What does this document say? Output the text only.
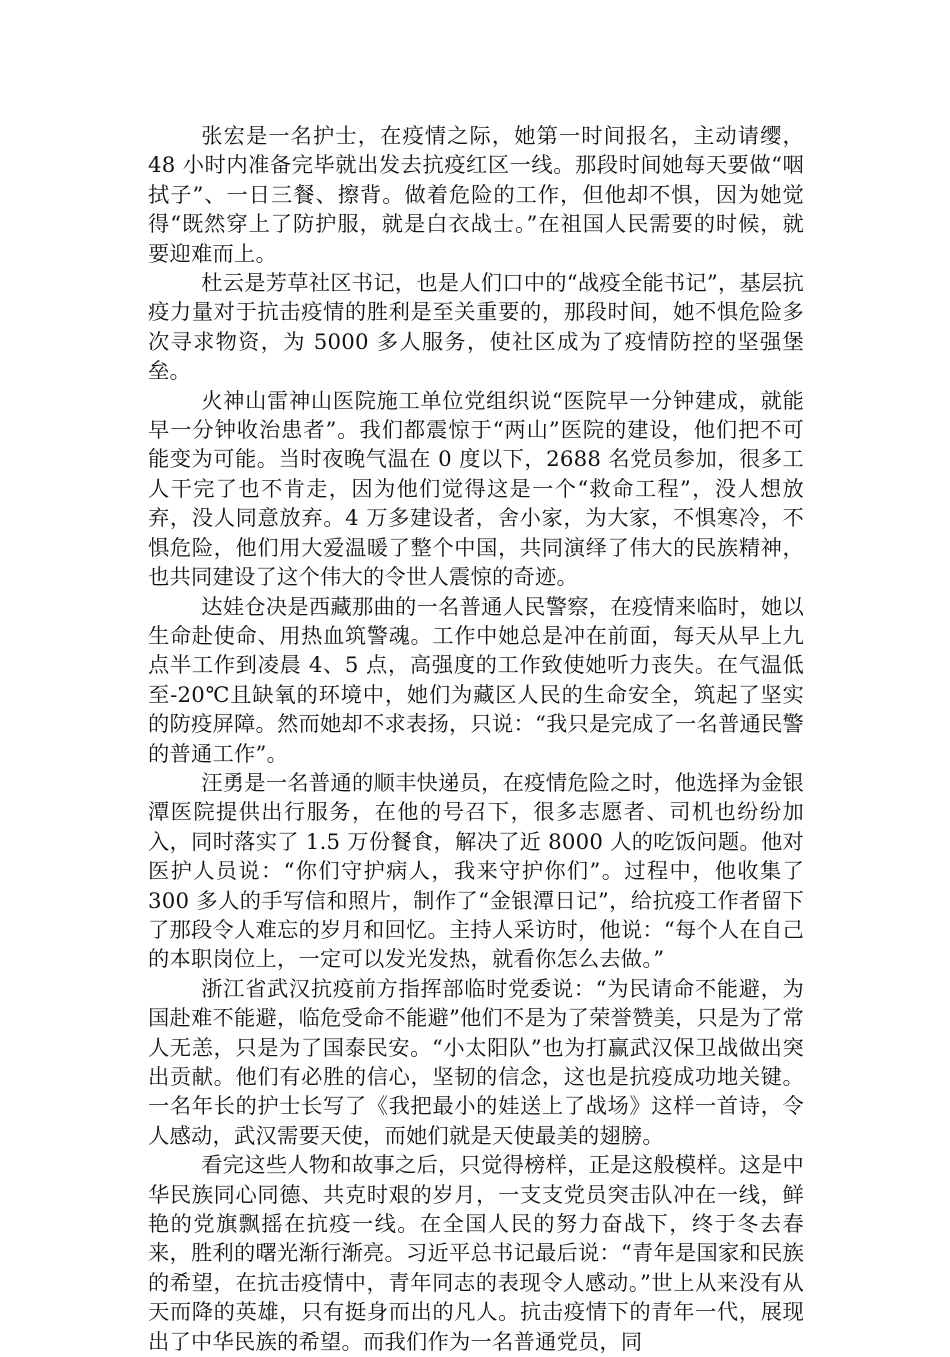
张宏是一名护士，在疫情之际，她第一时间报名，主动请缨，48 小时内准备完毕就出发去抗疫红区一线。那段时间她每天要做“咽拭子”、一日三餐、擦背。做着危险的工作，但他却不惧，因为她觉得“既然穿上了防护服，就是白衣战士。”在祖国人民需要的时候，就要迎难而上。

杜云是芳草社区书记，也是人们口中的“战疫全能书记”，基层抗疫力量对于抗击疫情的胜利是至关重要的，那段时间，她不惧危险多次寻求物资，为 5000 多人服务，使社区成为了疫情防控的坚强堡垒。

火神山雷神山医院施工单位党组织说“医院早一分钟建成，就能早一分钟收治患者”。我们都震惊于“两山”医院的建设，他们把不可能变为可能。当时夜晚气温在 0 度以下，2688 名党员参加，很多工人干完了也不肯走，因为他们觉得这是一个“救命工程”，没人想放弃，没人同意放弃。4 万多建设者，舍小家，为大家，不惧寒冷，不惧危险，他们用大爱温暖了整个中国，共同演绎了伟大的民族精神，也共同建设了这个伟大的令世人震惊的奇迹。

达娃仓决是西藏那曲的一名普通人民警察，在疫情来临时，她以生命赴使命、用热血筑警魂。工作中她总是冲在前面，每天从早上九点半工作到凌晨 4、5 点，高强度的工作致使她听力丧失。在气温低至-20℃且缺氧的环境中，她们为藏区人民的生命安全，筑起了坚实的防疫屏障。然而她却不求表扬，只说：“我只是完成了一名普通民警的普通工作”。

汪勇是一名普通的顺丰快递员，在疫情危险之时，他选择为金银潭医院提供出行服务，在他的号召下，很多志愿者、司机也纷纷加入，同时落实了 1.5 万份餐食，解决了近 8000 人的吃饭问题。他对医护人员说：“你们守护病人，我来守护你们”。过程中，他收集了 300 多人的手写信和照片，制作了“金银潭日记”，给抗疫工作者留下了那段令人难忘的岁月和回忆。主持人采访时，他说：“每个人在自己的本职岗位上，一定可以发光发热，就看你怎么去做。”

浙江省武汉抗疫前方指挥部临时党委说：“为民请命不能避，为国赴难不能避，临危受命不能避”他们不是为了荣誉赞美，只是为了常人无恙，只是为了国泰民安。“小太阳队”也为打赢武汉保卫战做出突出贡献。他们有必胜的信心，坚韧的信念，这也是抗疫成功地关键。一名年长的护士长写了《我把最小的娃送上了战场》这样一首诗，令人感动，武汉需要天使，而她们就是天使最美的翅膀。

看完这些人物和故事之后，只觉得榜样，正是这般模样。这是中华民族同心同德、共克时艰的岁月，一支支党员突击队冲在一线，鲜艳的党旗飘摇在抗疫一线。在全国人民的努力奋战下，终于冬去春来，胜利的曙光渐行渐亮。习近平总书记最后说：“青年是国家和民族的希望，在抗击疫情中，青年同志的表现令人感动。”世上从来没有从天而降的英雄，只有挺身而出的凡人。抗击疫情下的青年一代，展现出了中华民族的希望。而我们作为一名普通党员，同
